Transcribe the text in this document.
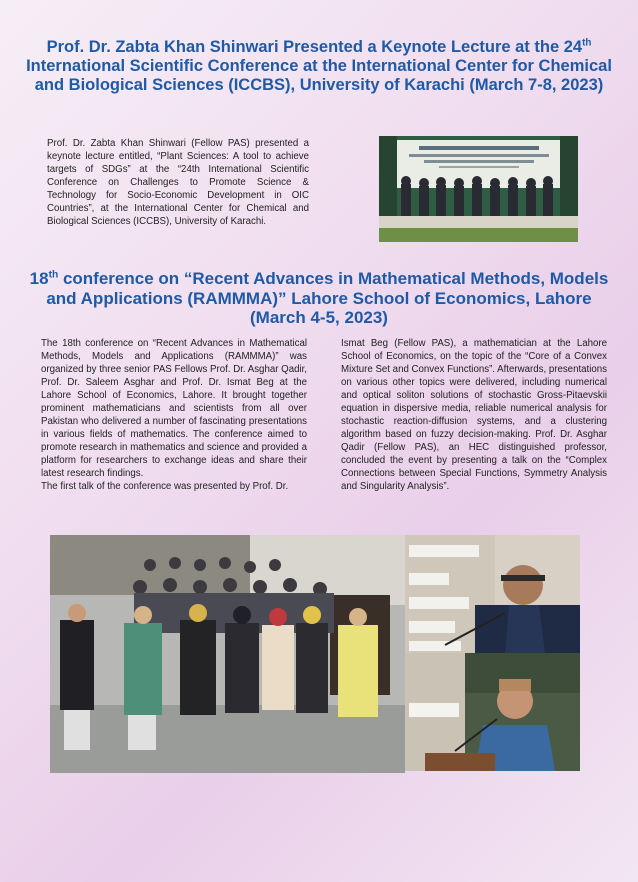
Prof. Dr. Zabta Khan Shinwari Presented a Keynote Lecture at the 24th International Scientific Conference at the International Center for Chemical and Biological Sciences (ICCBS), University of Karachi (March 7-8, 2023)
Prof. Dr. Zabta Khan Shinwari (Fellow PAS) presented a keynote lecture entitled, “Plant Sciences: A tool to achieve targets of SDGs” at the “24th International Scientific Conference on Challenges to Promote Science & Technology for Socio-Economic Development in OIC Countries”, at the International Center for Chemical and Biological Sciences (ICCBS), University of Karachi.
18th conference on “Recent Advances in Mathematical Methods, Models and Applications (RAMMMA)” Lahore School of Economics, Lahore (March 4-5, 2023)
The 18th conference on “Recent Advances in Mathematical Methods, Models and Applications (RAMMMA)” was organized by three senior PAS Fellows Prof. Dr. Asghar Qadir, Prof. Dr. Saleem Asghar and Prof. Dr. Ismat Beg at the Lahore School of Economics, Lahore. It brought together prominent mathematicians and scientists from all over Pakistan who delivered a number of fascinating presentations in various fields of mathematics. The conference aimed to promote research in mathematics and science and provided a platform for researchers to exchange ideas and share their latest research findings.
The first talk of the conference was presented by Prof. Dr.
Ismat Beg (Fellow PAS), a mathematician at the Lahore School of Economics, on the topic of the “Core of a Convex Mixture Set and Convex Functions”. Afterwards, presentations on various other topics were delivered, including numerical and optical soliton solutions of stochastic Gross-Pitaevskii equation in dispersive media, reliable numerical analysis for stochastic reaction-diffusion systems, and a clustering algorithm based on fuzzy decision-making. Prof. Dr. Asghar Qadir (Fellow PAS), an HEC distinguished professor, concluded the event by presenting a talk on the “Complex Connections between Special Functions, Symmetry Analysis and Singularity Analysis”.
